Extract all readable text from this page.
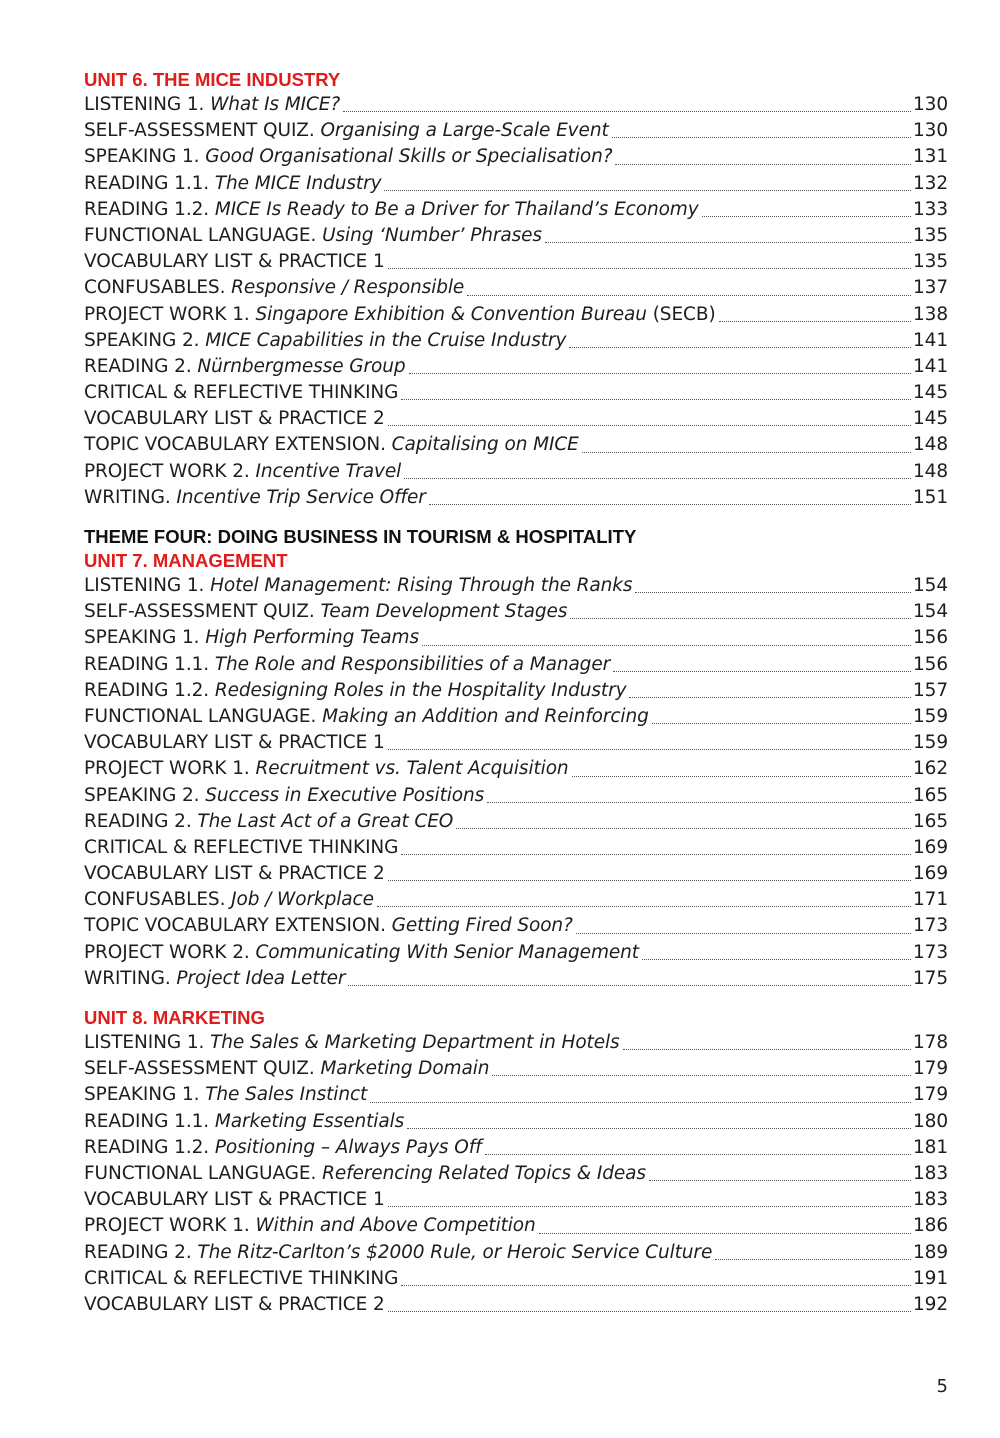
UNIT 6. THE MICE INDUSTRY
LISTENING 1. What Is MICE?	130
SELF-ASSESSMENT QUIZ. Organising a Large-Scale Event	130
SPEAKING 1. Good Organisational Skills or Specialisation?	131
READING 1.1. The MICE Industry	132
READING 1.2. MICE Is Ready to Be a Driver for Thailand’s Economy	133
FUNCTIONAL LANGUAGE. Using ‘Number’ Phrases	135
VOCABULARY LIST & PRACTICE 1	135
CONFUSABLES. Responsive / Responsible	137
PROJECT WORK 1. Singapore Exhibition & Convention Bureau (SECB)	138
SPEAKING 2. MICE Capabilities in the Cruise Industry	141
READING 2. Nürnbergmesse Group	141
CRITICAL & REFLECTIVE THINKING	145
VOCABULARY LIST & PRACTICE 2	145
TOPIC VOCABULARY EXTENSION. Capitalising on MICE	148
PROJECT WORK 2. Incentive Travel	148
WRITING. Incentive Trip Service Offer	151
THEME FOUR: DOING BUSINESS IN TOURISM & HOSPITALITY
UNIT 7. MANAGEMENT
LISTENING 1. Hotel Management: Rising Through the Ranks	154
SELF-ASSESSMENT QUIZ. Team Development Stages	154
SPEAKING 1. High Performing Teams	156
READING 1.1. The Role and Responsibilities of a Manager	156
READING 1.2. Redesigning Roles in the Hospitality Industry	157
FUNCTIONAL LANGUAGE. Making an Addition and Reinforcing	159
VOCABULARY LIST & PRACTICE 1	159
PROJECT WORK 1. Recruitment vs. Talent Acquisition	162
SPEAKING 2. Success in Executive Positions	165
READING 2. The Last Act of a Great CEO	165
CRITICAL & REFLECTIVE THINKING	169
VOCABULARY LIST & PRACTICE 2	169
CONFUSABLES. Job / Workplace	171
TOPIC VOCABULARY EXTENSION. Getting Fired Soon?	173
PROJECT WORK 2. Communicating With Senior Management	173
WRITING. Project Idea Letter	175
UNIT 8. MARKETING
LISTENING 1. The Sales & Marketing Department in Hotels	178
SELF-ASSESSMENT QUIZ. Marketing Domain	179
SPEAKING 1. The Sales Instinct	179
READING 1.1. Marketing Essentials	180
READING 1.2. Positioning – Always Pays Off	181
FUNCTIONAL LANGUAGE. Referencing Related Topics & Ideas	183
VOCABULARY LIST & PRACTICE 1	183
PROJECT WORK 1. Within and Above Competition	186
READING 2. The Ritz-Carlton’s $2000 Rule, or Heroic Service Culture	189
CRITICAL & REFLECTIVE THINKING	191
VOCABULARY LIST & PRACTICE 2	192
5
